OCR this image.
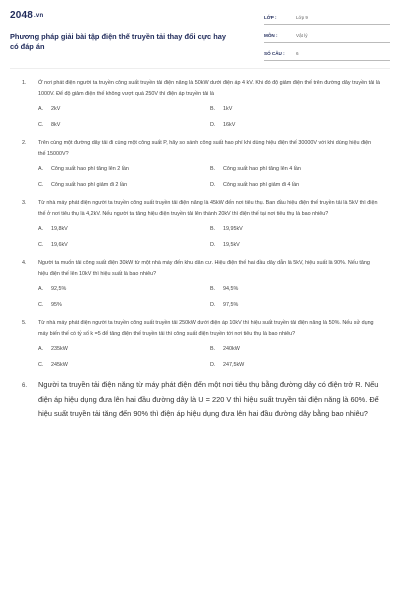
2048.vn
Phương pháp giải bài tập điện thế truyền tải thay đổi cực hay có đáp án
LỚP :	Lớp 9
MÔN :	Vật lý
SỐ CÂU :	6
1.	Ở nơi phát điện người ta truyền công suất truyền tải điện năng là 50kW dưới điện áp 4 kV. Khi đó độ giảm điện thế trên đường dây truyền tải là 1000V. Để độ giảm điện thế không vượt quá 250V thì điện áp truyền tải là
A. 2kV	B. 1kV
C. 8kV	D. 16kV
2.	Trên cùng một đường dây tải đi cùng một công suất P, hãy so sánh công suất hao phí khi dùng hiệu điện thế 30000V với khi dùng hiệu điện thế 15000V?
A. Công suất hao phí tăng lên 2 lần	B. Công suất hao phí tăng lên 4 lần
C. Công suất hao phí giảm đi 2 lần	D. Công suất hao phí giảm đi 4 lần
3.	Từ nhà máy phát điện người ta truyền công suất truyền tải điện năng là 45kW đến nơi tiêu thụ. Ban đầu hiệu điện thế truyền tải là 5kV thì điện thế ở nơi tiêu thụ là 4,2kV. Nếu người ta tăng hiệu điện truyền tải lên thành 20kV thì điện thế tại nơi tiêu thụ là bao nhiêu?
A. 19,8kV	B. 19,95kV
C. 19,6kV	D. 19,5kV
4.	Người ta muốn tải công suất điện 30kW từ một nhà máy đến khu dân cư. Hiệu điện thế hai đầu dây dẫn là 5kV, hiệu suất là 90%. Nếu tăng hiệu điện thế lên 10kV thì hiệu suất là bao nhiêu?
A. 92,5%	B. 94,5%
C. 95%	D. 97,5%
5.	Từ nhà máy phát điện người ta truyền công suất truyền tải 250kW dưới điện áp 10kV thì hiệu suất truyền tải điện năng là 50%. Nếu sử dụng máy biến thế có tỷ số k =5 để tăng điện thế truyền tải thì công suất điện truyền tới nơi tiêu thụ là bao nhiêu?
A. 235kW	B. 240kW
C. 245kW	D. 247,5kW
6.	Người ta truyền tải điện năng từ máy phát điện đến một nơi tiêu thụ bằng đường dây có điện trở R. Nếu điện áp hiệu dụng đưa lên hai đầu đường dây là U = 220 V thì hiệu suất truyền tải điện năng là 60%. Để hiệu suất truyền tải tăng đến 90% thì điện áp hiệu dụng đưa lên hai đầu đường dây bằng bao nhiêu?
